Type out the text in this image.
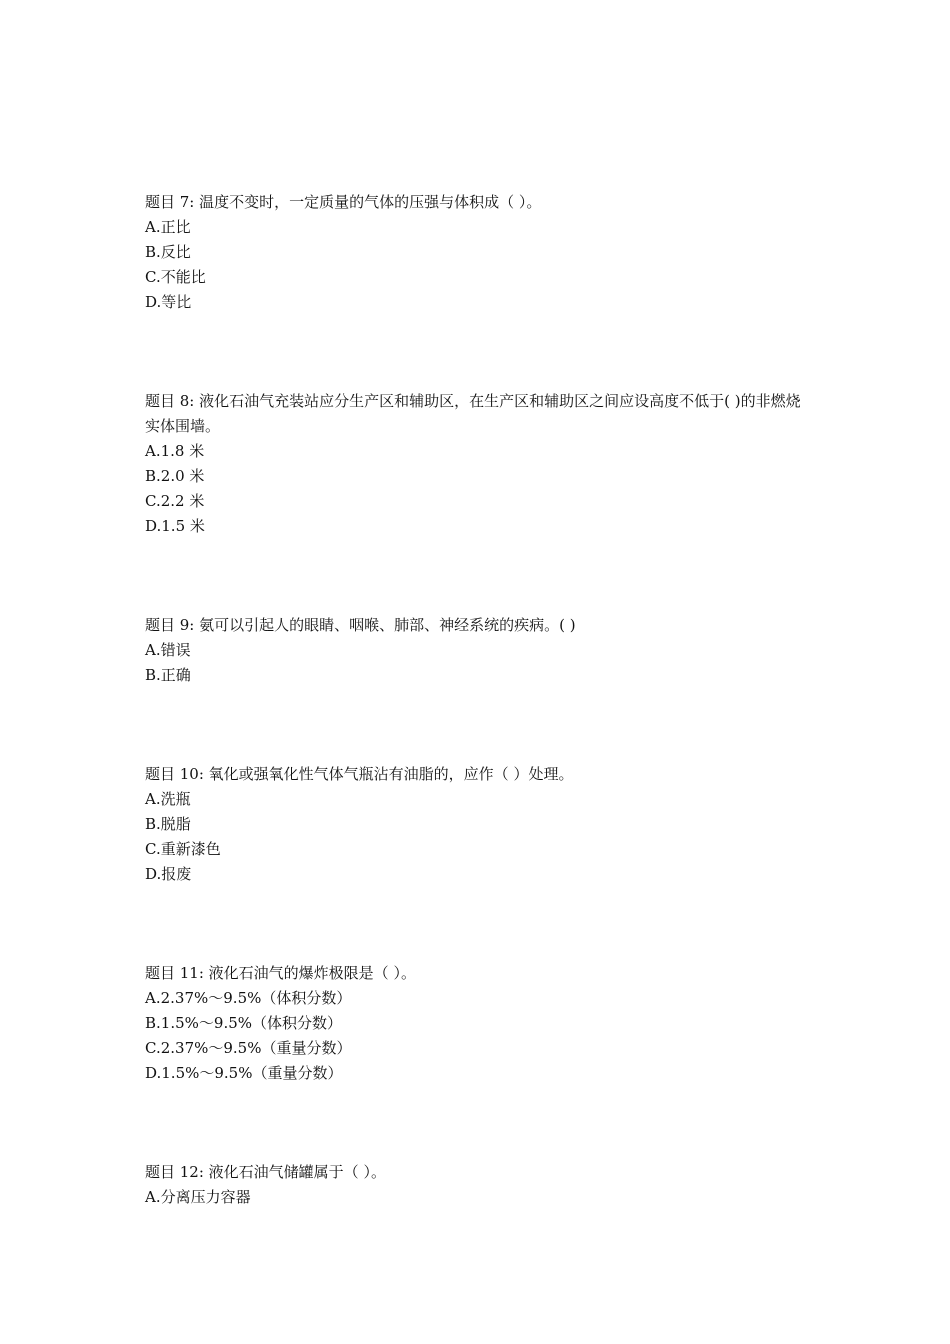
题目 7: 温度不变时，一定质量的气体的压强与体积成（ ）。
A.正比
B.反比
C.不能比
D.等比
题目 8: 液化石油气充装站应分生产区和辅助区，在生产区和辅助区之间应设高度不低于( )的非燃烧实体围墙。
A.1.8 米
B.2.0 米
C.2.2 米
D.1.5 米
题目 9: 氨可以引起人的眼睛、咽喉、肺部、神经系统的疾病。( )
A.错误
B.正确
题目 10: 氧化或强氧化性气体气瓶沾有油脂的，应作（ ）处理。
A.洗瓶
B.脱脂
C.重新漆色
D.报废
题目 11: 液化石油气的爆炸极限是（ ）。
A.2.37%～9.5%（体积分数）
B.1.5%～9.5%（体积分数）
C.2.37%～9.5%（重量分数）
D.1.5%～9.5%（重量分数）
题目 12: 液化石油气储罐属于（ ）。
A.分离压力容器
